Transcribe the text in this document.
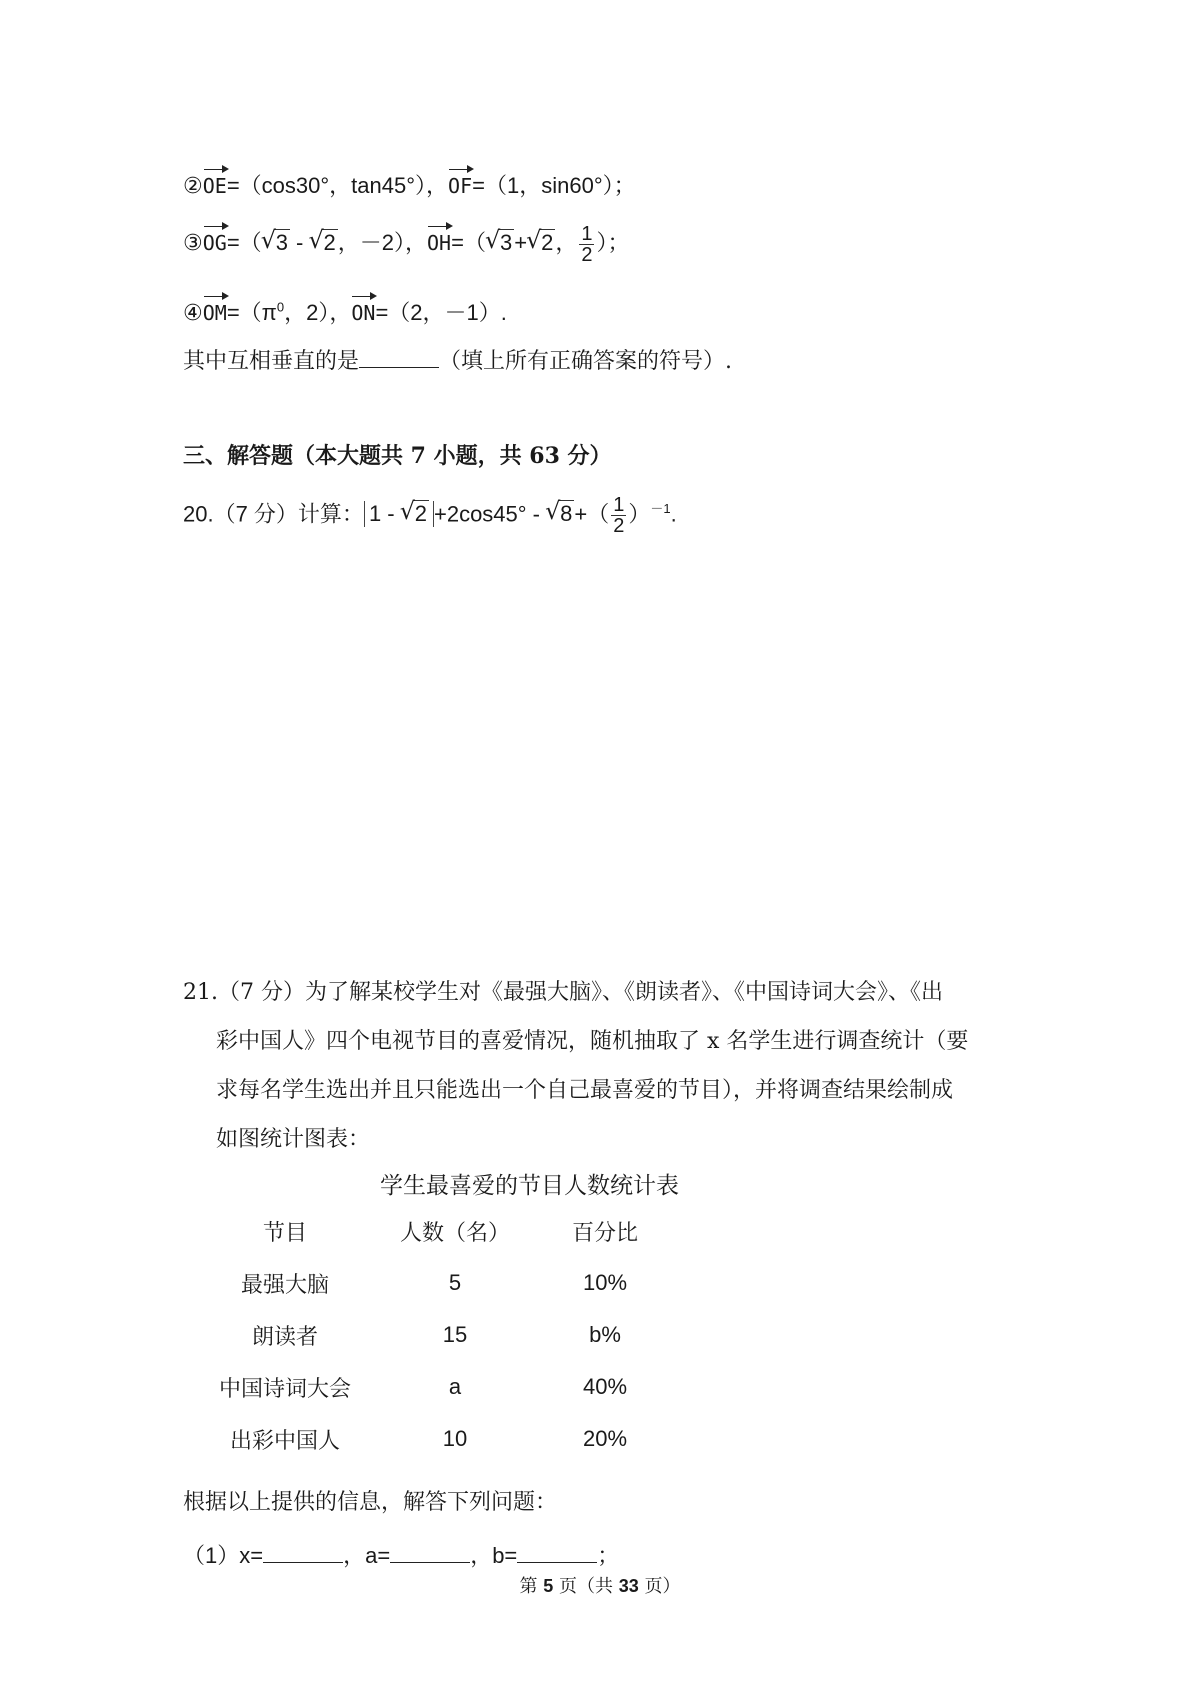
②OE=（cos30°，tan45°），OF=（1，sin60°）；
③OG=（ √ 3 - √ 2，－2），OH=（ √ 3+ √ 2， $\frac{1}{2}$ ）；
$④OM=(\pi^0$，2），ON=（2，－1）.
其中互相垂直的是	（填上所有正确答案的符号）.
三、解答题（本大题共 7 小题，共 63 分）
20.（7 分）计算： 1 - √ 2 +2cos45° - √ $8+( \frac{1}{2} )^{-1}$.
21.（7 分）为了解某校学生对《最强大脑》、《朗读者》、《中国诗词大会》、《出
彩中国人》四个电视节目的喜爱情况，随机抽取了 x 名学生进行调查统计（要
求每名学生选出并且只能选出一个自己最喜爱的节目），并将调查结果绘制成
如图统计图表：
学生最喜爱的节目人数统计表
节目	人数（名）	百分比
最强大脑	5	10%
朗读者	15	b%
中国诗词大会	a	40%
出彩中国人	10	20%
根据以上提供的信息，解答下列问题：
（1）x=	，a=	，b=	；
第 5 页（共 33 页）
